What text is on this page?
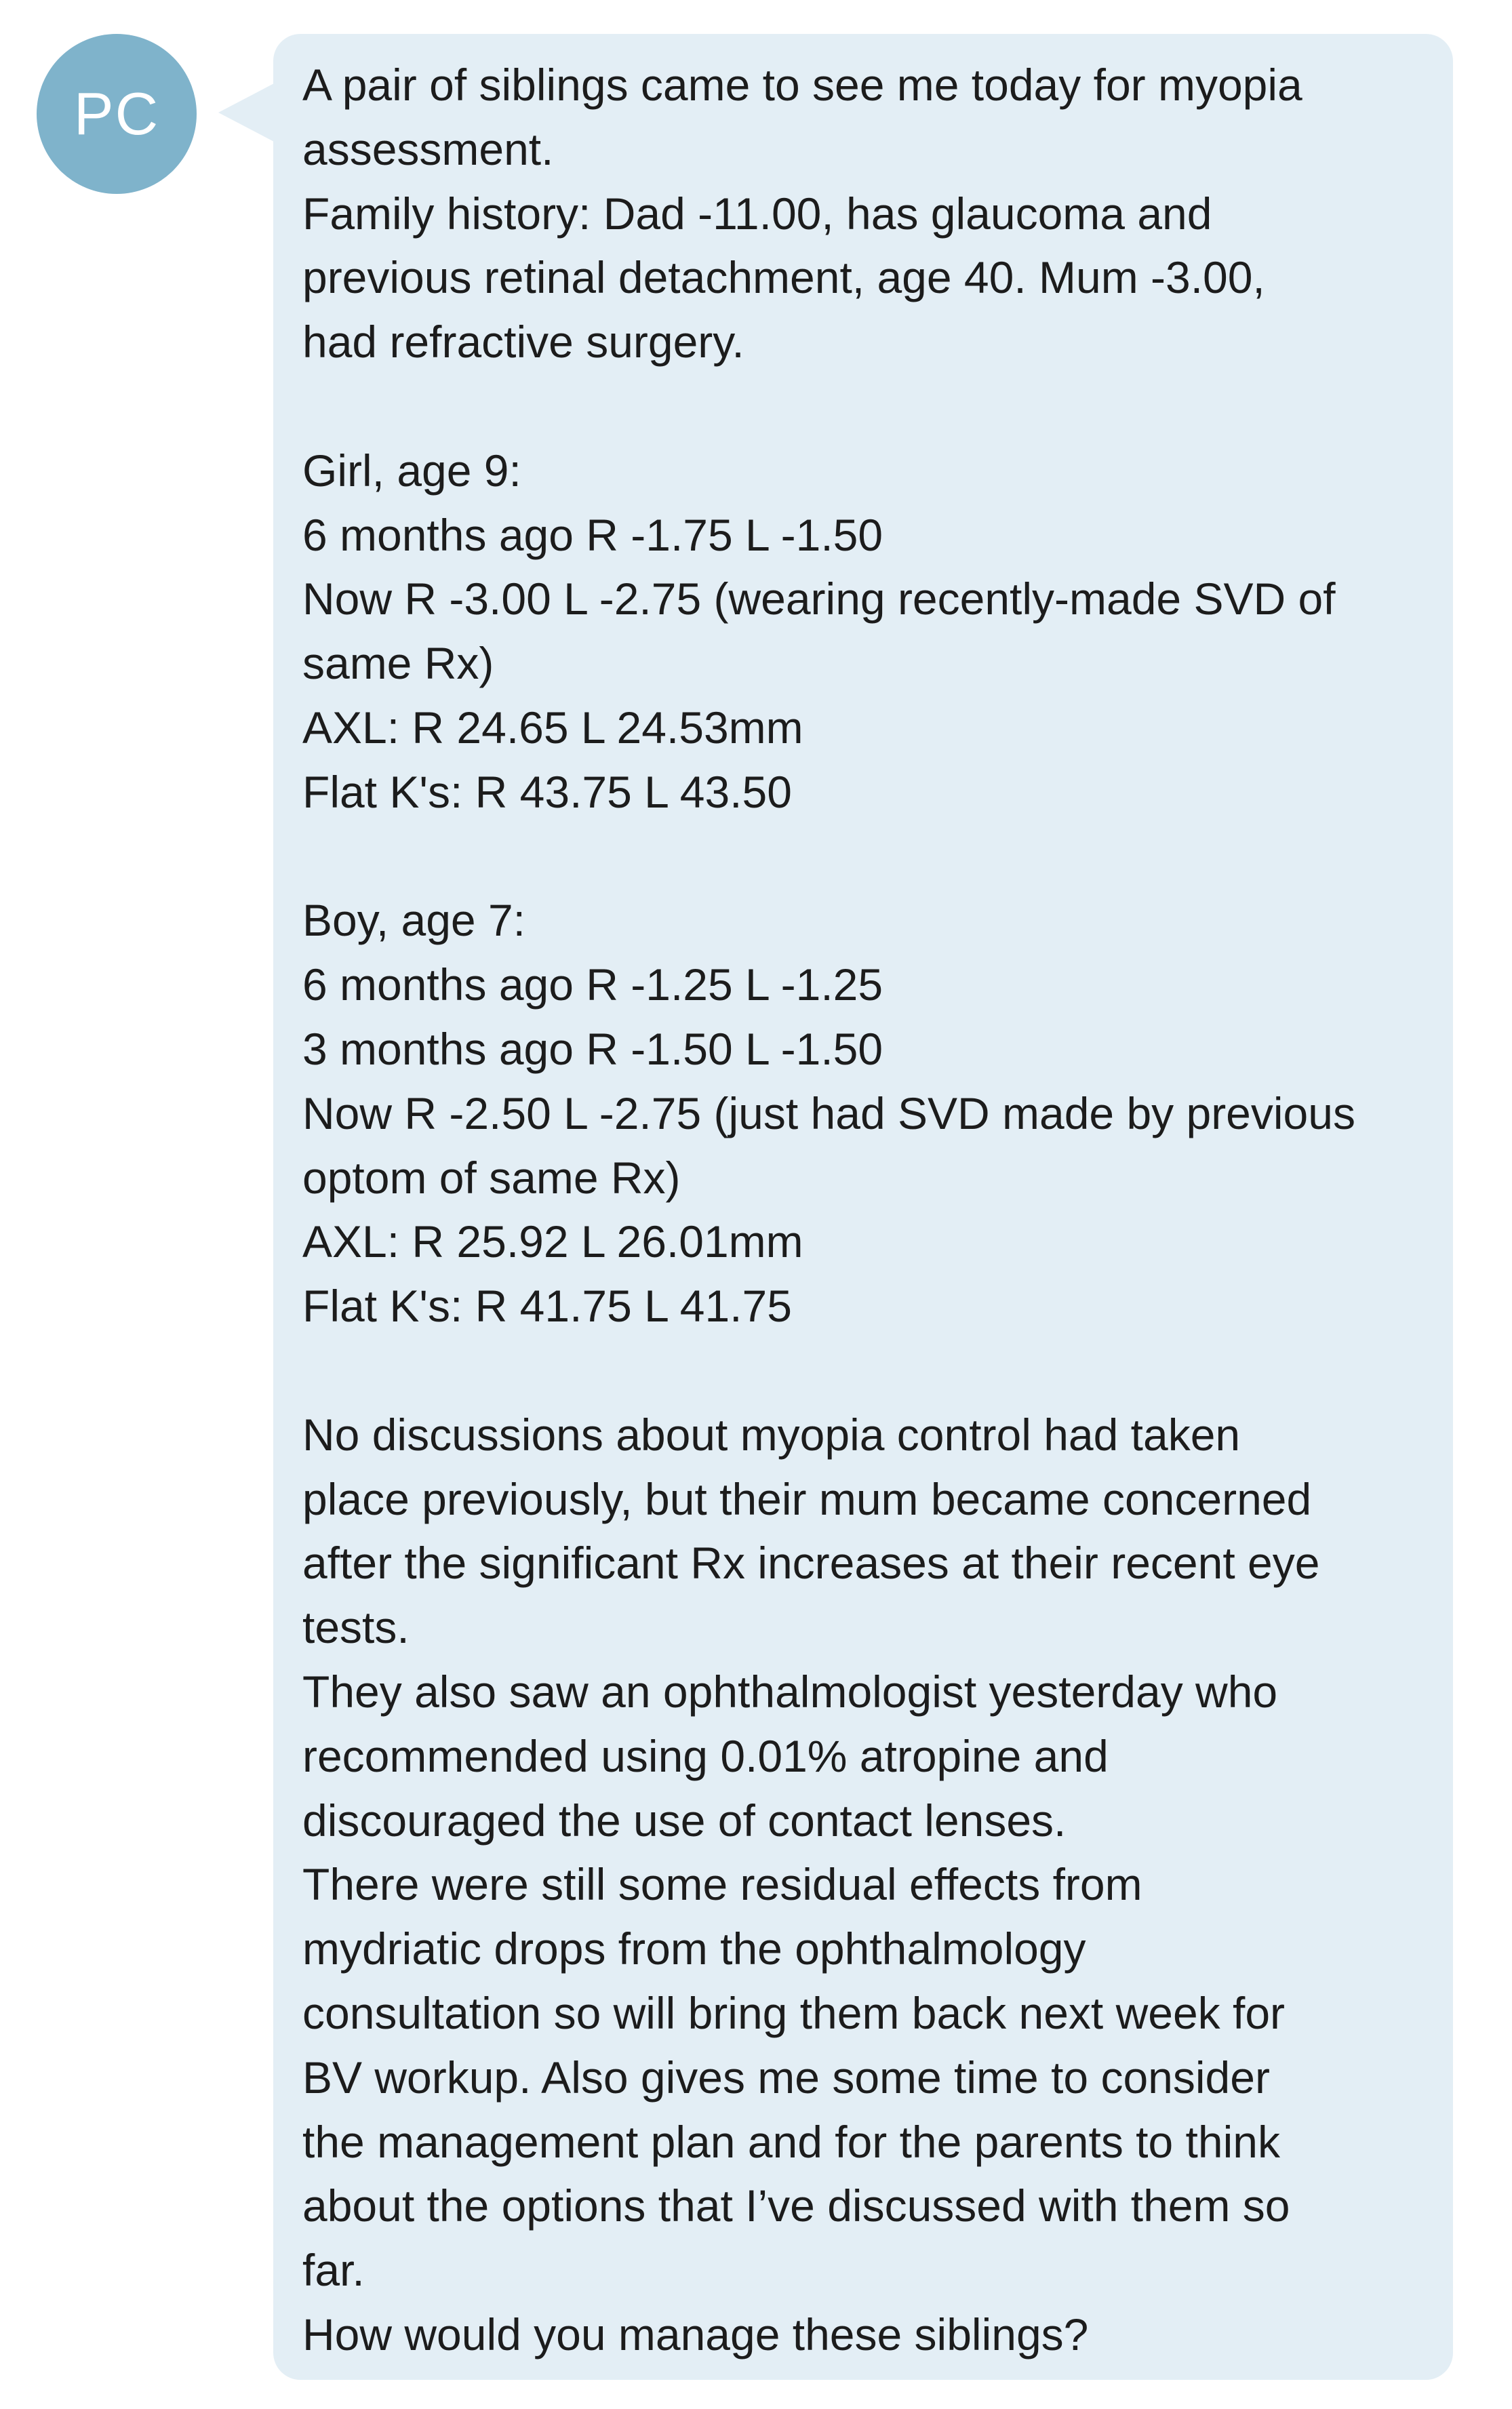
PC	A pair of siblings came to see me today for myopia
assessment.
Family history: Dad -11.00, has glaucoma and
previous retinal detachment, age 40. Mum -3.00,
had refractive surgery.
Girl, age 9:
6 months ago R -1.75 L -1.50
Now R -3.00 L -2.75 (wearing recently-made SVD of
same Rx)
AXL: R 24.65 L 24.53mm
Flat K's: R 43.75 L 43.50
Boy, age 7:
6 months ago R -1.25 L -1.25
3 months ago R -1.50 L -1.50
Now R -2.50 L -2.75 (just had SVD made by previous
optom of same Rx)
AXL: R 25.92 L 26.01mm
Flat K's: R 41.75 L 41.75
No discussions about myopia control had taken
place previously, but their mum became concerned
after the significant Rx increases at their recent eye
tests.
They also saw an ophthalmologist yesterday who
recommended using 0.01% atropine and
discouraged the use of contact lenses.
There were still some residual effects from
mydriatic drops from the ophthalmology
consultation so will bring them back next week for
BV workup. Also gives me some time to consider
the management plan and for the parents to think
about the options that I’ve discussed with them so
far.
How would you manage these siblings?
